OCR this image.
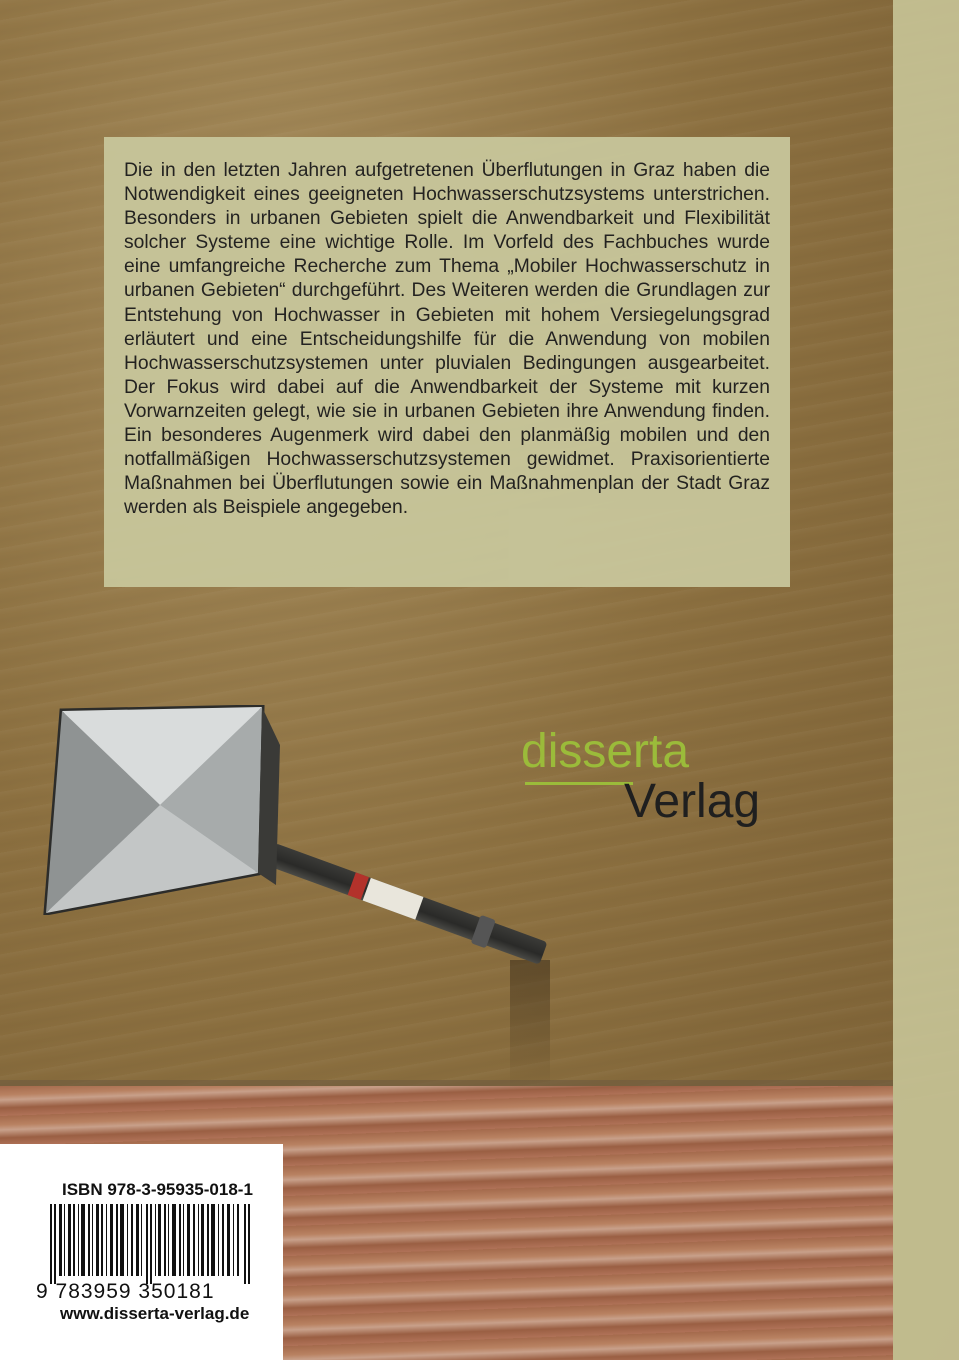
Die in den letzten Jahren aufgetretenen Überflutungen in Graz haben die Notwendigkeit eines geeigneten Hochwasserschutzsystems unterstrichen. Besonders in urbanen Gebieten spielt die Anwendbarkeit und Flexibilität solcher Systeme eine wichtige Rolle. Im Vorfeld des Fachbuches wurde eine umfangreiche Recherche zum Thema „Mobiler Hochwasserschutz in urbanen Gebieten“ durchgeführt. Des Weiteren werden die Grundlagen zur Entstehung von Hochwasser in Gebieten mit hohem Versiegelungsgrad erläutert und eine Entscheidungshilfe für die Anwendung von mobilen Hochwasserschutzsystemen unter pluvialen Bedingungen ausgearbeitet. Der Fokus wird dabei auf die Anwendbarkeit der Systeme mit kurzen Vorwarnzeiten gelegt, wie sie in urbanen Gebieten ihre Anwendung finden. Ein besonderes Augenmerk wird dabei den planmäßig mobilen und den notfallmäßigen Hochwasserschutzsystemen gewidmet. Praxisorientierte Maßnahmen bei Überflutungen sowie ein Maßnahmenplan der Stadt Graz werden als Beispiele angegeben.

disserta
Verlag
ISBN 978-3-95935-018-1
9 783959 350181
www.disserta-verlag.de
